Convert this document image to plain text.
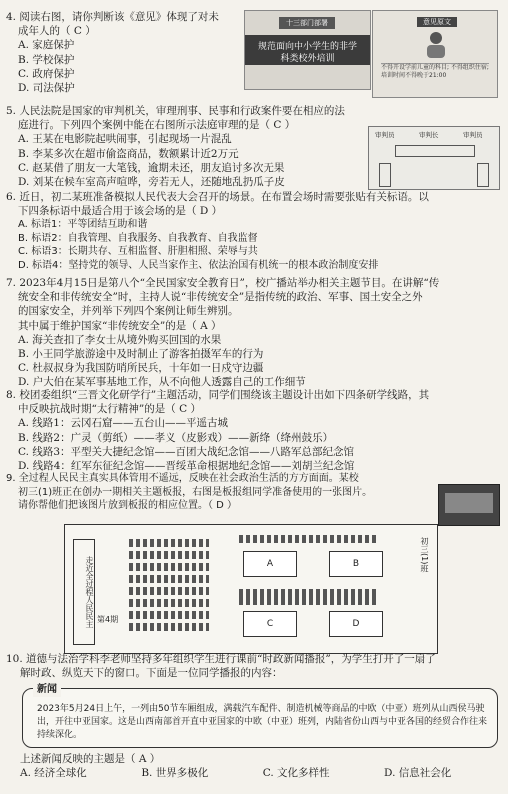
4. 阅读右图，请你判断该《意见》体现了对未
成年人的（ C ）
A. 家庭保护
B. 学校保护
C. 政府保护
D. 司法保护
十三部门部署
规范面向中小学生的非学科类校外培训
意见原文
不得开设学前儿童的科目; 不得组织住宿; 培训时间不得晚于21:00
5. 人民法院是国家的审判机关，审理刑事、民事和行政案件要在相应的法
庭进行。下列四个案例中能在右图所示法庭审理的是（ C ）
A. 王某在电影院起哄闹事，引起现场一片混乱
B. 李某多次在超市偷盗商品，数额累计近2万元
C. 赵某借了朋友一大笔钱，逾期未还，朋友追讨多次无果
D. 刘某在候车室高声喧哗，旁若无人，还随地乱扔瓜子皮
审判员	审判长	审判员
6. 近日，初二某班准备模拟人民代表大会召开的场景。在布置会场时需要张贴有关标语。以
下四条标语中最适合用于该会场的是（ D ）
A. 标语1：平等团结互助和谐
B. 标语2：自我管理、自我服务、自我教育、自我监督
C. 标语3：长期共存、互相监督、肝胆相照、荣辱与共
D. 标语4：坚持党的领导、人民当家作主、依法治国有机统一的根本政治制度安排
7. 2023年4月15日是第八个“全民国家安全教育日”，校广播站举办相关主题节目。在讲解“传
统安全和非传统安全”时，主持人说“非传统安全”是指传统的政治、军事、国土安全之外
的国家安全，并列举下列四个案例让师生辨别。
其中属于维护国家“非传统安全”的是（ A ）
A. 海关查扣了李女士从境外购买回国的水果
B. 小王同学旅游途中及时制止了游客拍摄军车的行为
C. 杜叔叔身为我国防哨所民兵，十年如一日戍守边疆
D. 户大伯在某军事基地工作，从不向他人透露自己的工作细节
8. 校团委组织“三晋文化研学行”主题活动，同学们围绕该主题设计出如下四条研学线路，其
中反映抗战时期“太行精神”的是（ C ）
A. 线路1：云冈石窟——五台山——平遥古城
B. 线路2：广灵（剪纸）——孝义（皮影戏）——新绛（绛州鼓乐）
C. 线路3：平型关大捷纪念馆——百团大战纪念馆——八路军总部纪念馆
D. 线路4：红军东征纪念馆——晋绥革命根据地纪念馆——刘胡兰纪念馆
9. 全过程人民民主真实具体管用不遥远，反映在社会政治生活的方方面面。某校
初三(1)班正在创办一期相关主题板报，右图是板报组同学准备使用的一张图片。
请你帮他们把该图片放到板报的相应位置。（ D ）
走近全过程人民民主 第4期
A	B
C	D
初三(1)班
10. 道德与法治学科李老师坚持多年组织学生进行课前“时政新闻播报”，为学生打开了一扇了
解时政、纵览天下的窗口。下面是一位同学播报的内容：
新闻
2023年5月24日上午，一列由50节车厢组成，满载汽车配件、制造机械等商品的中欧（中亚）班列从山西侯马驶出，开往中亚国家。这是山西南部首开直中亚国家的中欧（中亚）班列，内陆省份山西与中亚各国的经贸合作往来持续深化。
上述新闻反映的主题是（ A ）
A. 经济全球化	B. 世界多极化	C. 文化多样性	D. 信息社会化
